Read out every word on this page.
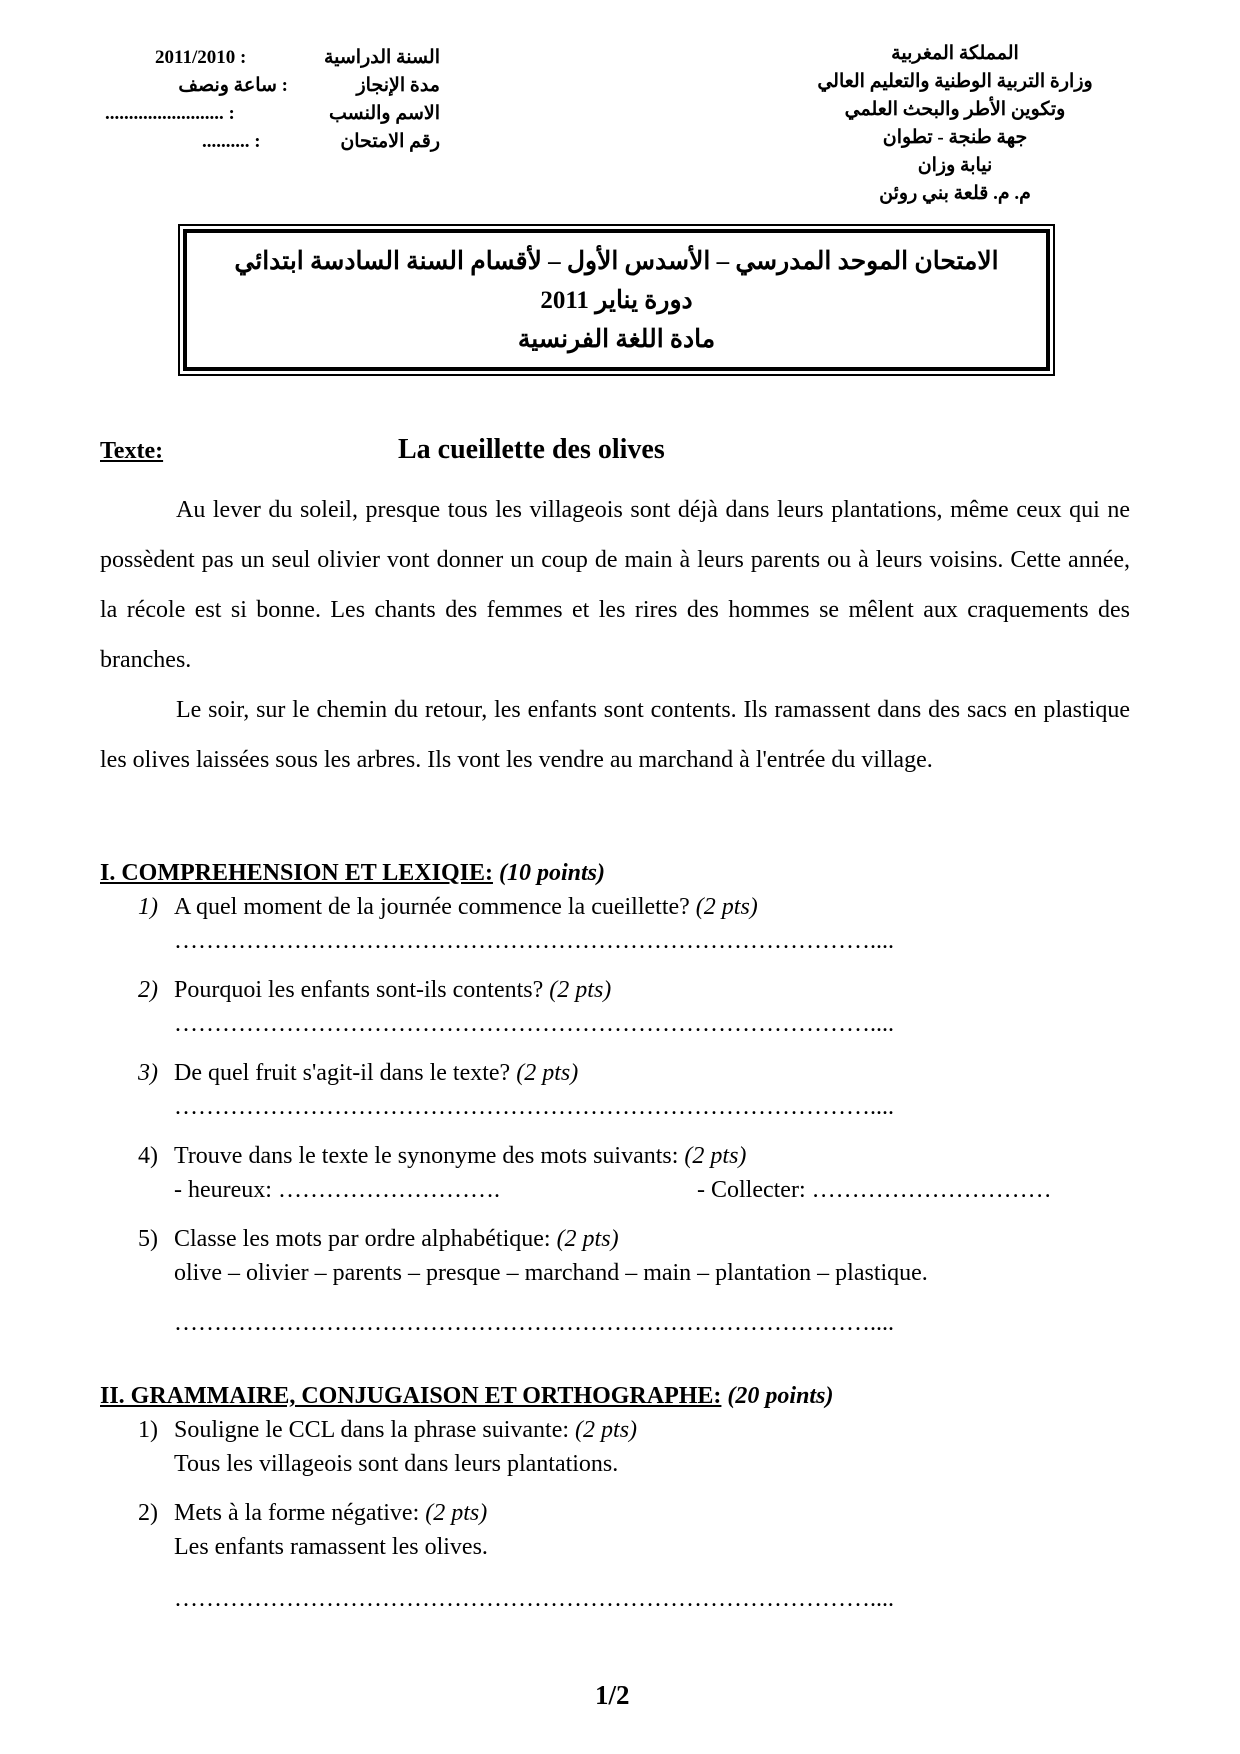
المملكة المغربية
وزارة التربية الوطنية والتعليم العالي
وتكوين الأطر والبحث العلمي
جهة طنجة - تطوان
نيابة وزان
م. م. قلعة بني روئن
2011/2010 :	السنة الدراسية
: ساعة ونصف	مدة الإنجاز
......................... :	الاسم والنسب
.......... :	رقم الامتحان
الامتحان الموحد المدرسي – الأسدس الأول – لأقسام السنة السادسة ابتدائي
دورة يناير 2011
مادة اللغة الفرنسية
Texte:	La cueillette des olives
Au lever du soleil, presque tous les villageois sont déjà dans leurs plantations, même ceux qui ne possèdent pas un seul olivier vont donner un coup de main à leurs parents ou à leurs voisins. Cette année, la récole est si bonne. Les chants des femmes et les rires des hommes se mêlent aux craquements des branches.
Le soir, sur le chemin du retour, les enfants sont contents. Ils ramassent dans des sacs en plastique les olives laissées sous les arbres. Ils vont les vendre au marchand à l'entrée du village.
I. COMPREHENSION ET LEXIQIE: (10 points)
1) A quel moment de la journée commence la cueillette? (2 pts)
……………………………………………………………………………....
2) Pourquoi les enfants sont-ils contents? (2 pts)
……………………………………………………………………………....
3) De quel fruit s'agit-il dans le texte? (2 pts)
……………………………………………………………………………....
4) Trouve dans le texte le synonyme des mots suivants: (2 pts)
- heureux: ……………………….	- Collecter: …………………………
5) Classe les mots par ordre alphabétique: (2 pts)
olive – olivier – parents – presque – marchand – main – plantation – plastique.
……………………………………………………………………………....
II. GRAMMAIRE, CONJUGAISON ET ORTHOGRAPHE: (20 points)
1) Souligne le CCL dans la phrase suivante: (2 pts)
Tous les villageois sont dans leurs plantations.
2) Mets à la forme négative: (2 pts)
Les enfants ramassent les olives.
……………………………………………………………………………....
1/2
